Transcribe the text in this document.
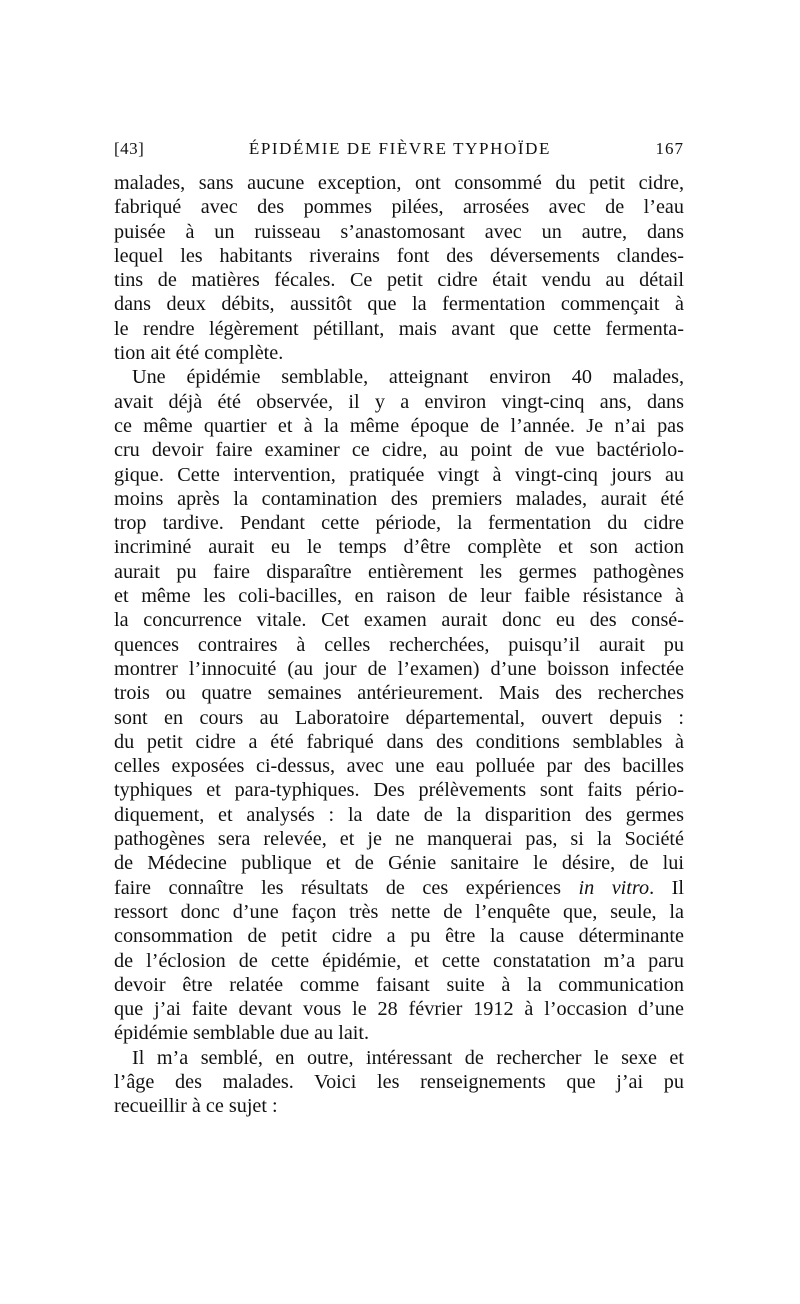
[43]	ÉPIDÉMIE DE FIÈVRE TYPHOÏDE	167

malades, sans aucune exception, ont consommé du petit cidre,

fabriqué avec des pommes pilées, arrosées avec de l’eau

puisée à un ruisseau s’anastomosant avec un autre, dans

lequel les habitants riverains font des déversements clandes-

tins de matières fécales. Ce petit cidre était vendu au détail

dans deux débits, aussitôt que la fermentation commençait à

le rendre légèrement pétillant, mais avant que cette fermenta-

tion ait été complète.

Une épidémie semblable, atteignant environ 40 malades,

avait déjà été observée, il y a environ vingt-cinq ans, dans

ce même quartier et à la même époque de l’année. Je n’ai pas

cru devoir faire examiner ce cidre, au point de vue bactériolo-

gique. Cette intervention, pratiquée vingt à vingt-cinq jours au

moins après la contamination des premiers malades, aurait été

trop tardive. Pendant cette période, la fermentation du cidre

incriminé aurait eu le temps d’être complète et son action

aurait pu faire disparaître entièrement les germes pathogènes

et même les coli-bacilles, en raison de leur faible résistance à

la concurrence vitale. Cet examen aurait donc eu des consé-

quences contraires à celles recherchées, puisqu’il aurait pu

montrer l’innocuité (au jour de l’examen) d’une boisson infectée

trois ou quatre semaines antérieurement. Mais des recherches

sont en cours au Laboratoire départemental, ouvert depuis :

du petit cidre a été fabriqué dans des conditions semblables à

celles exposées ci-dessus, avec une eau polluée par des bacilles

typhiques et para-typhiques. Des prélèvements sont faits pério-

diquement, et analysés : la date de la disparition des germes

pathogènes sera relevée, et je ne manquerai pas, si la Société

de Médecine publique et de Génie sanitaire le désire, de lui

faire connaître les résultats de ces expériences in vitro. Il

ressort donc d’une façon très nette de l’enquête que, seule, la

consommation de petit cidre a pu être la cause déterminante

de l’éclosion de cette épidémie, et cette constatation m’a paru

devoir être relatée comme faisant suite à la communication

que j’ai faite devant vous le 28 février 1912 à l’occasion d’une

épidémie semblable due au lait.

Il m’a semblé, en outre, intéressant de rechercher le sexe et

l’âge des malades. Voici les renseignements que j’ai pu

recueillir à ce sujet :
